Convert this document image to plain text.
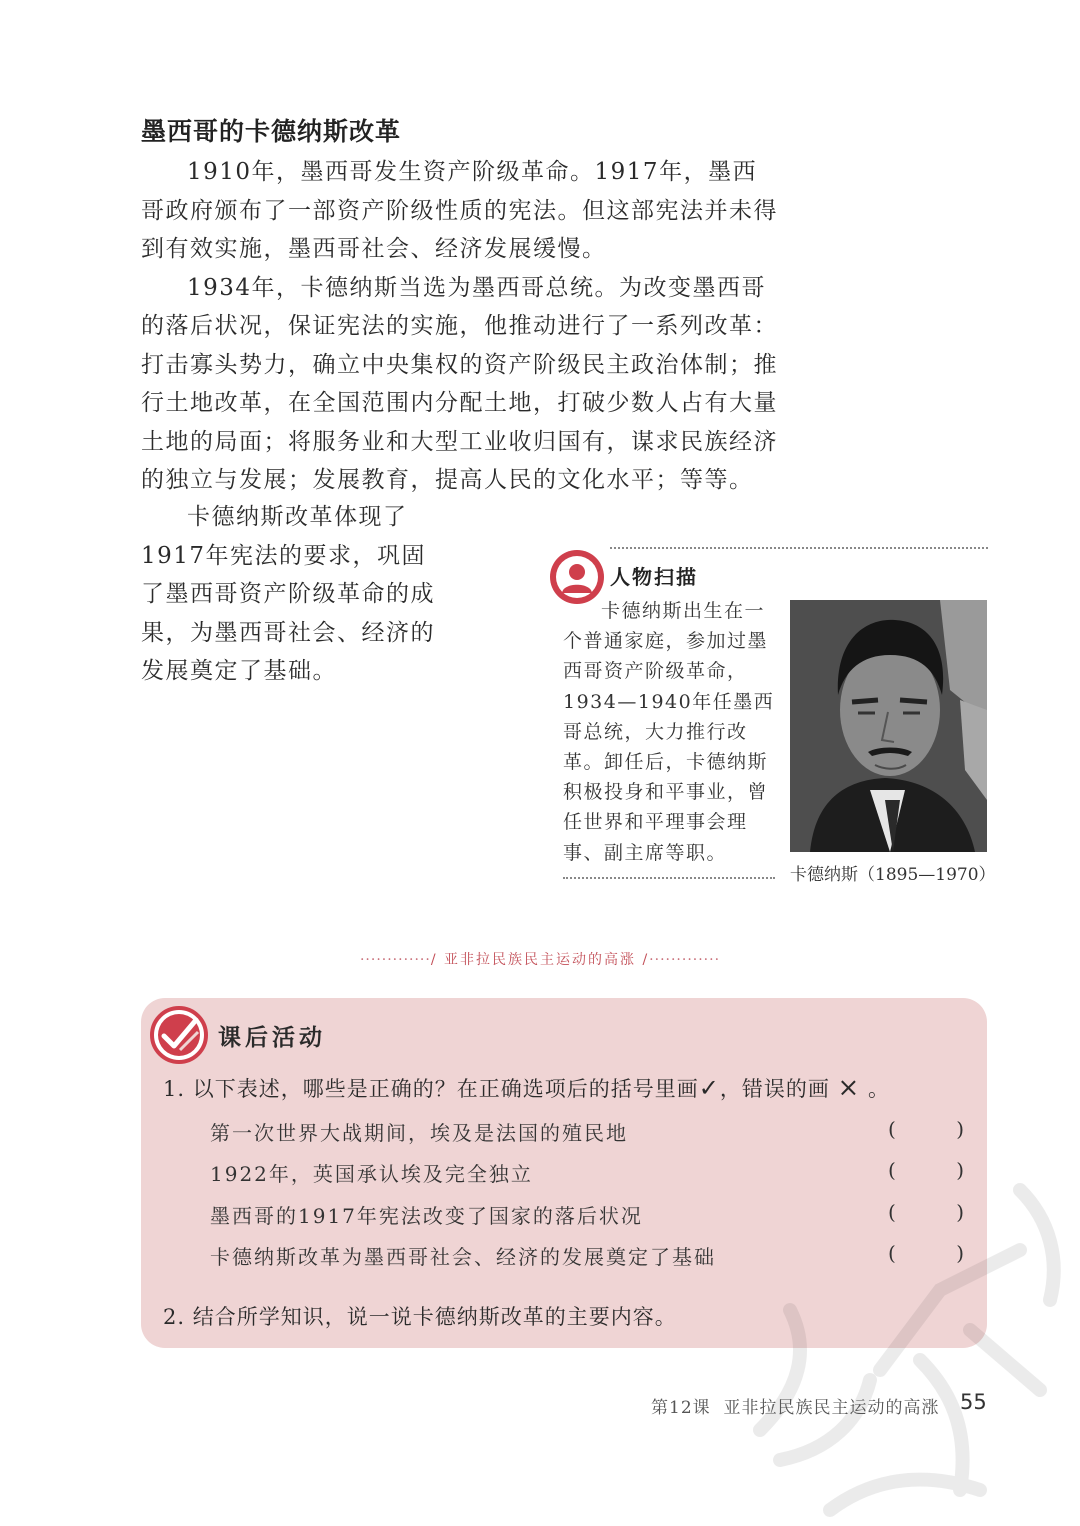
墨西哥的卡德纳斯改革

1910年，墨西哥发生资产阶级革命。1917年，墨西哥政府颁布了一部资产阶级性质的宪法。但这部宪法并未得到有效实施，墨西哥社会、经济发展缓慢。

1934年，卡德纳斯当选为墨西哥总统。为改变墨西哥的落后状况，保证宪法的实施，他推动进行了一系列改革：打击寡头势力，确立中央集权的资产阶级民主政治体制；推行土地改革，在全国范围内分配土地，打破少数人占有大量土地的局面；将服务业和大型工业收归国有，谋求民族经济的独立与发展；发展教育，提高人民的文化水平；等等。

卡德纳斯改革体现了1917年宪法的要求，巩固了墨西哥资产阶级革命的成果，为墨西哥社会、经济的发展奠定了基础。

人物扫描

卡德纳斯出生在一个普通家庭，参加过墨西哥资产阶级革命，1934—1940年任墨西哥总统，大力推行改革。卸任后，卡德纳斯积极投身和平事业，曾任世界和平理事会理事、副主席等职。

卡德纳斯（1895—1970）
·············/ 亚非拉民族民主运动的高涨 /·············
课后活动
1. 以下表述，哪些是正确的？在正确选项后的括号里画✓，错误的画 × 。
第一次世界大战期间，埃及是法国的殖民地	(	)
1922年，英国承认埃及完全独立	(	)
墨西哥的1917年宪法改变了国家的落后状况	(	)
卡德纳斯改革为墨西哥社会、经济的发展奠定了基础	(	)
2. 结合所学知识，说一说卡德纳斯改革的主要内容。
第12课  亚非拉民族民主运动的高涨 55
